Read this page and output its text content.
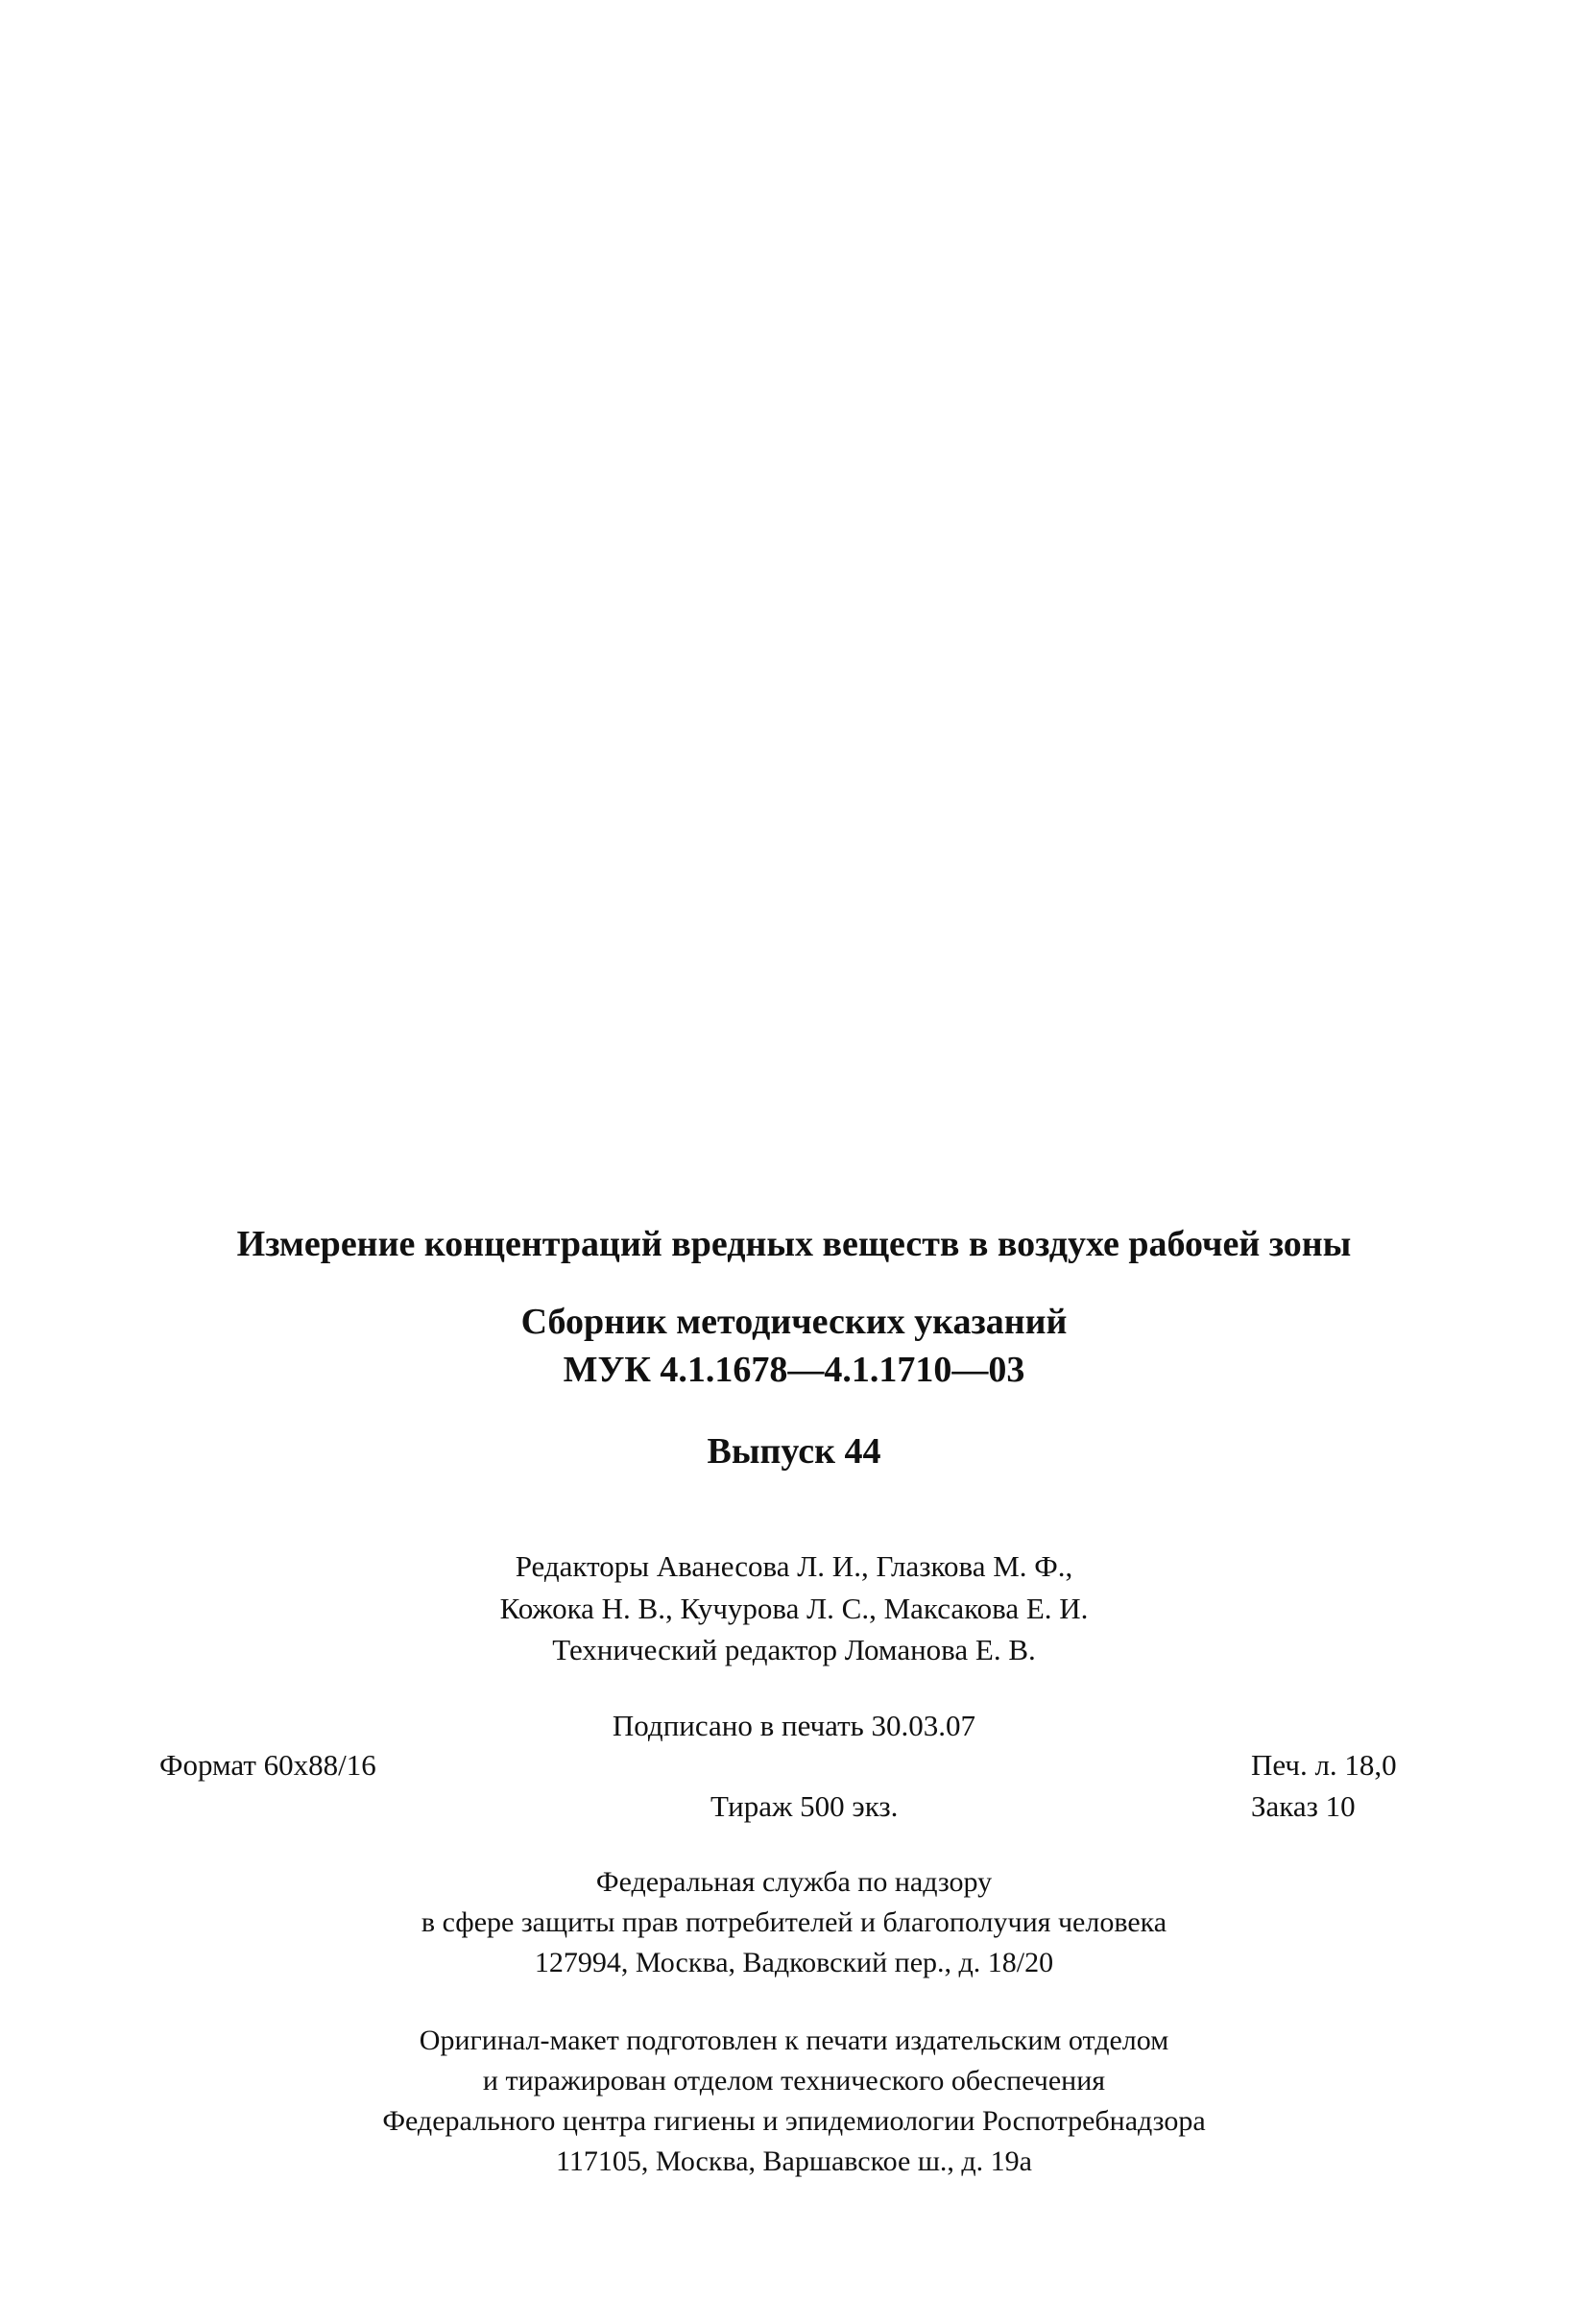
Измерение концентраций вредных веществ в воздухе рабочей зоны
Сборник методических указаний
МУК 4.1.1678—4.1.1710—03
Выпуск 44
Редакторы Аванесова Л. И., Глазкова М. Ф.,
Кожока Н. В., Кучурова Л. С., Максакова Е. И.
Технический редактор Ломанова Е. В.
Подписано в печать 30.03.07
Формат 60х88/16	Печ. л. 18,0
Тираж 500 экз.	Заказ 10
Федеральная служба по надзору
в сфере защиты прав потребителей и благополучия человека
127994, Москва, Вадковский пер., д. 18/20
Оригинал-макет подготовлен к печати издательским отделом
и тиражирован отделом технического обеспечения
Федерального центра гигиены и эпидемиологии Роспотребнадзора
117105, Москва, Варшавское ш., д. 19а
